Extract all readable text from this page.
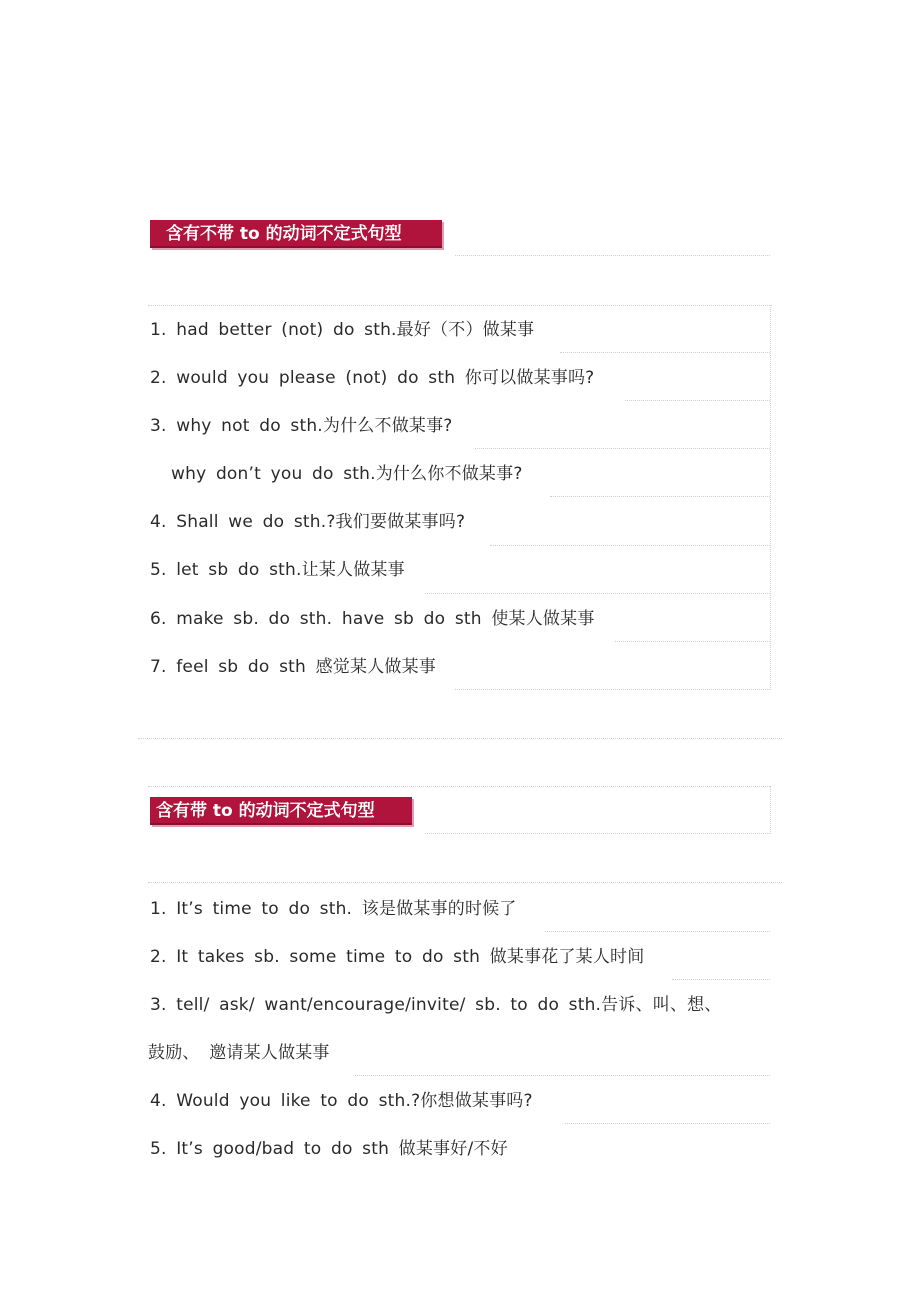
含有不带 to 的动词不定式句型
1. had better (not) do sth.最好（不）做某事
2. would you please (not) do sth 你可以做某事吗?
3. why not do sth.为什么不做某事?
why don’t you do sth.为什么你不做某事?
4. Shall we do sth.?我们要做某事吗?
5. let sb do sth.让某人做某事
6. make sb. do sth. have sb do sth 使某人做某事
7. feel sb do sth 感觉某人做某事
含有带 to 的动词不定式句型
1. It’s time to do sth. 该是做某事的时候了
2. It takes sb. some time to do sth 做某事花了某人时间
3. tell/ ask/ want/encourage/invite/ sb. to do sth.告诉、叫、想、
鼓励、 邀请某人做某事
4. Would you like to do sth.?你想做某事吗?
5. It’s good/bad to do sth 做某事好/不好
